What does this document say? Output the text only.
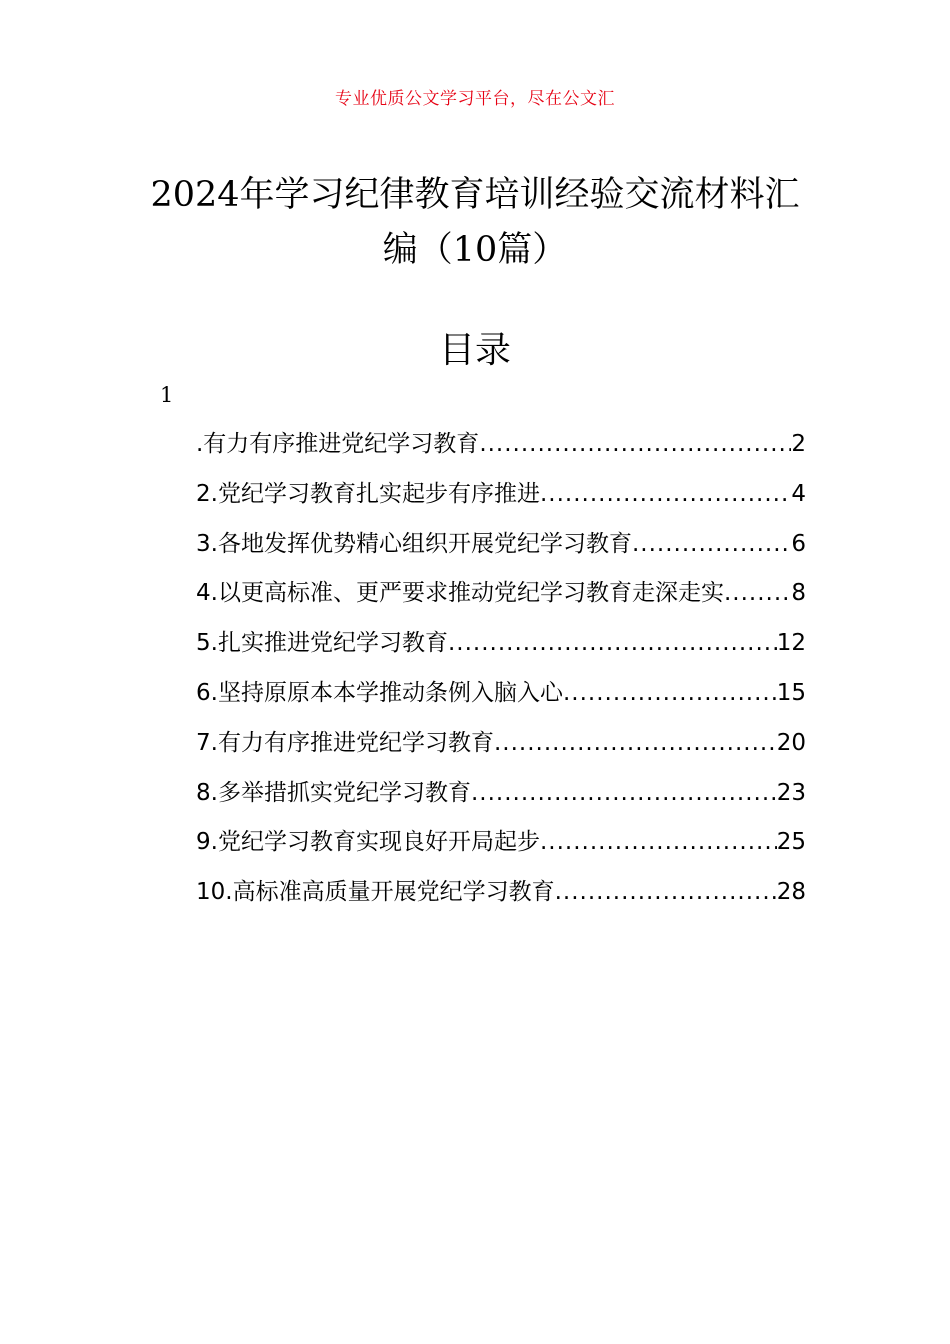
专业优质公文学习平台，尽在公文汇
2024年学习纪律教育培训经验交流材料汇编（10篇）
目录
1
.有力有序推进党纪学习教育 .....	2
2.党纪学习教育扎实起步有序推进 .....	4
3.各地发挥优势精心组织开展党纪学习教育 .....	6
4.以更高标准、更严要求推动党纪学习教育走深走实 .....	8
5.扎实推进党纪学习教育 .....	12
6.坚持原原本本学推动条例入脑入心 .....	15
7.有力有序推进党纪学习教育 .....	20
8.多举措抓实党纪学习教育 .....	23
9.党纪学习教育实现良好开局起步 .....	25
10.高标准高质量开展党纪学习教育 .....	28
